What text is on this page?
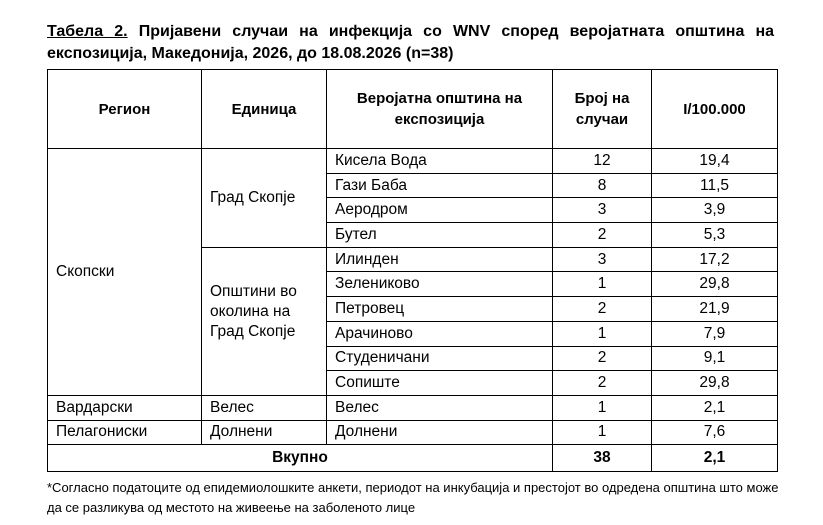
Табела 2. Пријавени случаи на инфекција со WNV според веројатната општина на експозиција, Македонија, 2026, до 18.08.2026 (n=38)
Регион	Единица	Веројатна општина на експозиција	Број на случаи	I/100.000
Скопски	Град Скопје	Кисела Вода	12	19,4
		Гази Баба	8	11,5
		Аеродром	3	3,9
		Бутел	2	5,3

	Општини во околина на Град Скопје	Илинден	3	17,2
		Зелениково	1	29,8
		Петровец	2	21,9
		Арачиново	1	7,9
		Студеничани	2	9,1
		Сопиште	2	29,8
Вардарски	Велес	Велес	1	2,1
Пелагониски	Долнени	Долнени	1	7,6
Вкупно			38	2,1
*Согласно податоците од епидемиолошките анкети, периодот на инкубација и престојот во одредена општина што може да се разликува од местото на живеење на заболеното лице
